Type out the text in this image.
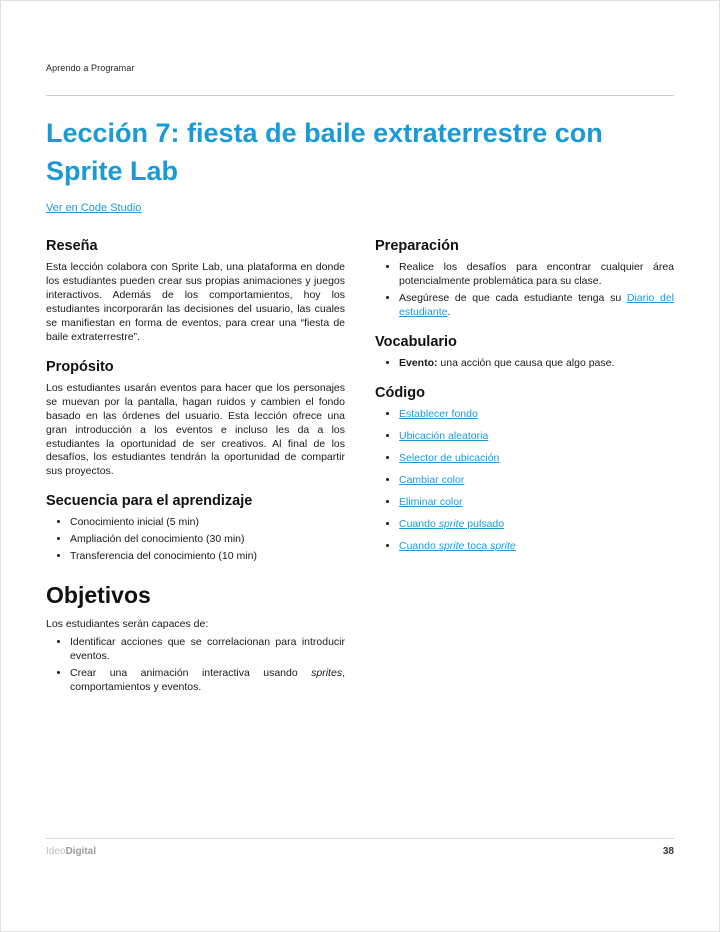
Aprendo a Programar
Lección 7: fiesta de baile extraterrestre con Sprite Lab
Ver en Code Studio
Reseña

Esta lección colabora con Sprite Lab, una plataforma en donde los estudiantes pueden crear sus propias animaciones y juegos interactivos. Además de los comportamientos, hoy los estudiantes incorporarán las decisiones del usuario, las cuales se manifiestan en forma de eventos, para crear una “fiesta de baile extraterrestre”.

Propósito

Los estudiantes usarán eventos para hacer que los personajes se muevan por la pantalla, hagan ruidos y cambien el fondo basado en las órdenes del usuario. Esta lección ofrece una gran introducción a los eventos e incluso les da a los estudiantes la oportunidad de ser creativos. Al final de los desafíos, los estudiantes tendrán la oportunidad de compartir sus proyectos.

Secuencia para el aprendizaje
• Conocimiento inicial (5 min)
• Ampliación del conocimiento (30 min)
• Transferencia del conocimiento (10 min)
Objetivos

Los estudiantes serán capaces de:

• Identificar acciones que se correlacionan para introducir eventos.
• Crear una animación interactiva usando sprites, comportamientos y eventos.
Preparación
• Realice los desafíos para encontrar cualquier área potencialmente problemática para su clase.
• Asegúrese de que cada estudiante tenga su Diario del estudiante.
Vocabulario
• Evento: una acción que causa que algo pase.
Código
• Establecer fondo
• Ubicación aleatoria
• Selector de ubicación
• Cambiar color
• Eliminar color
• Cuando sprite pulsado
• Cuando sprite toca sprite
IdeoDigital	38
